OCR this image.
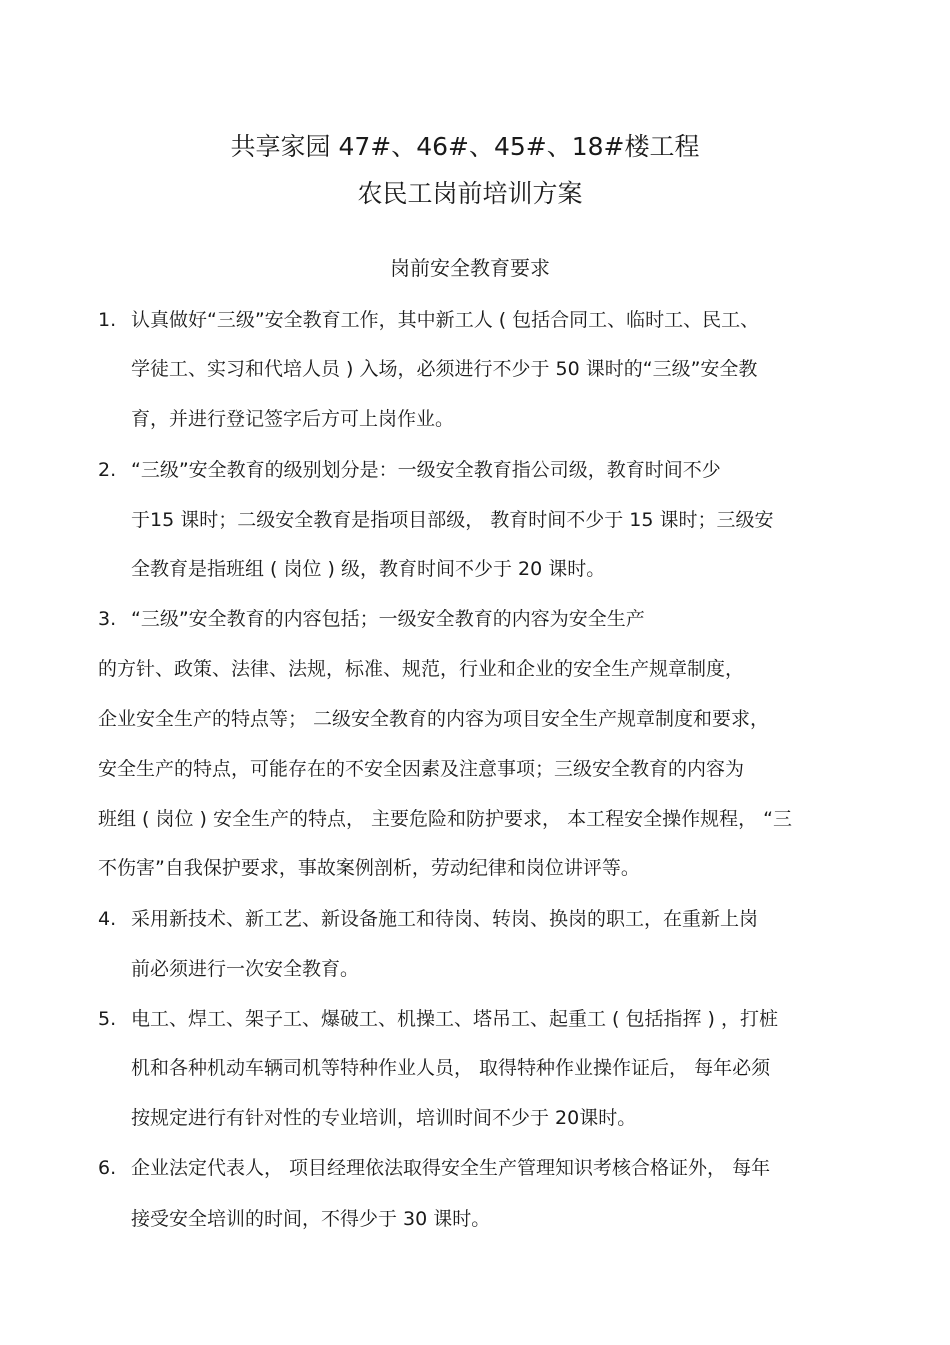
共享家园 47#、46#、45#、18#楼工程
农民工岗前培训方案
岗前安全教育要求
1. 认真做好“三级”安全教育工作，其中新工人 ( 包括合同工、临时工、民工、
学徒工、实习和代培人员 ) 入场，必须进行不少于 50 课时的“三级”安全教
育，并进行登记签字后方可上岗作业。
2. “三级”安全教育的级别划分是：一级安全教育指公司级，教育时间不少
于15 课时；二级安全教育是指项目部级， 教育时间不少于 15 课时；三级安
全教育是指班组 ( 岗位 ) 级，教育时间不少于 20 课时。
3. “三级”安全教育的内容包括；一级安全教育的内容为安全生产
的方针、政策、法律、法规，标准、规范，行业和企业的安全生产规章制度，
企业安全生产的特点等； 二级安全教育的内容为项目安全生产规章制度和要求，
安全生产的特点，可能存在的不安全因素及注意事项；三级安全教育的内容为
班组 ( 岗位 ) 安全生产的特点， 主要危险和防护要求， 本工程安全操作规程， “三
不伤害”自我保护要求，事故案例剖析，劳动纪律和岗位讲评等。
4. 采用新技术、新工艺、新设备施工和待岗、转岗、换岗的职工，在重新上岗
前必须进行一次安全教育。
5. 电工、焊工、架子工、爆破工、机操工、塔吊工、起重工 ( 包括指挥 ) ，打桩
机和各种机动车辆司机等特种作业人员， 取得特种作业操作证后， 每年必须
按规定进行有针对性的专业培训，培训时间不少于 20课时。
6. 企业法定代表人， 项目经理依法取得安全生产管理知识考核合格证外， 每年
接受安全培训的时间，不得少于 30 课时。
